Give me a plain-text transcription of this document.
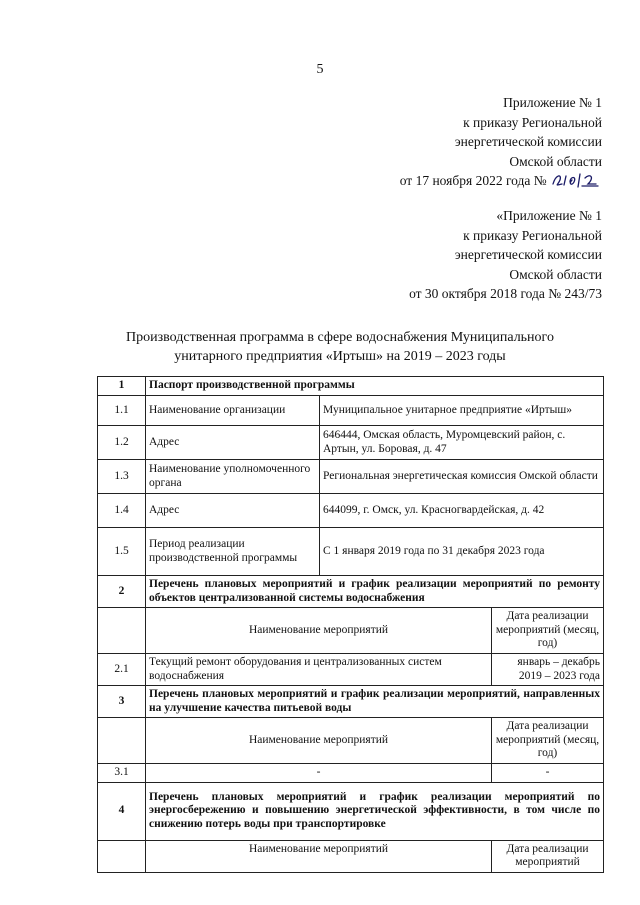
5
Приложение № 1
к приказу Региональной
энергетической комиссии
Омской области
от 17 ноября 2022 года №
«Приложение № 1
к приказу Региональной
энергетической комиссии
Омской области
от 30 октября 2018 года № 243/73
Производственная программа в сфере водоснабжения Муниципального
унитарного предприятия «Иртыш» на 2019 – 2023 годы
1	Паспорт производственной программы		
1.1	Наименование организации	Муниципальное унитарное предприятие «Иртыш»	
1.2	Адрес	646444, Омская область, Муромцевский район, с. Артын, ул. Боровая, д. 47	
1.3	Наименование уполномоченного органа	Региональная энергетическая комиссия Омской области	
1.4	Адрес	644099, г. Омск, ул. Красногвардейская, д. 42	
1.5	Период реализации производственной программы	С 1 января 2019 года по 31 декабря 2023 года	
2	Перечень плановых мероприятий и график реализации мероприятий по ремонту объектов централизованной системы водоснабжения		
	Наименование мероприятий		Дата реализации мероприятий (месяц, год)
2.1	Текущий ремонт оборудования и централизованных систем водоснабжения		январь – декабрь 2019 – 2023 года
3	Перечень плановых мероприятий и график реализации мероприятий, направленных на улучшение качества питьевой воды		
	Наименование мероприятий		Дата реализации мероприятий (месяц, год)
3.1	-		-
4	Перечень плановых мероприятий и график реализации мероприятий по энергосбережению и повышению энергетической эффективности, в том числе по снижению потерь воды при транспортировке		
	Наименование мероприятий		Дата реализации мероприятий
